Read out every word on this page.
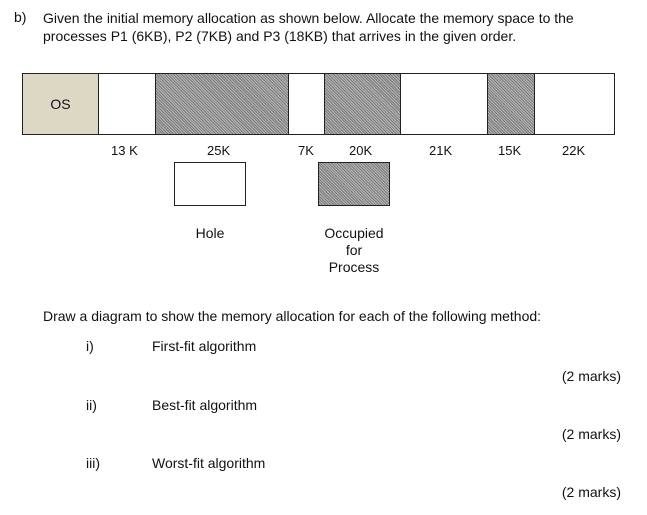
b) Given the initial memory allocation as shown below. Allocate the memory space to the processes P1 (6KB), P2 (7KB) and P3 (18KB) that arrives in the given order.
OS
13 K	25K	7K	20K	21K	15K	22K
Hole	Occupied
for
Process
Draw a diagram to show the memory allocation for each of the following method:
i)	First-fit algorithm
(2 marks)
ii)	Best-fit algorithm
(2 marks)
iii)	Worst-fit algorithm
(2 marks)
